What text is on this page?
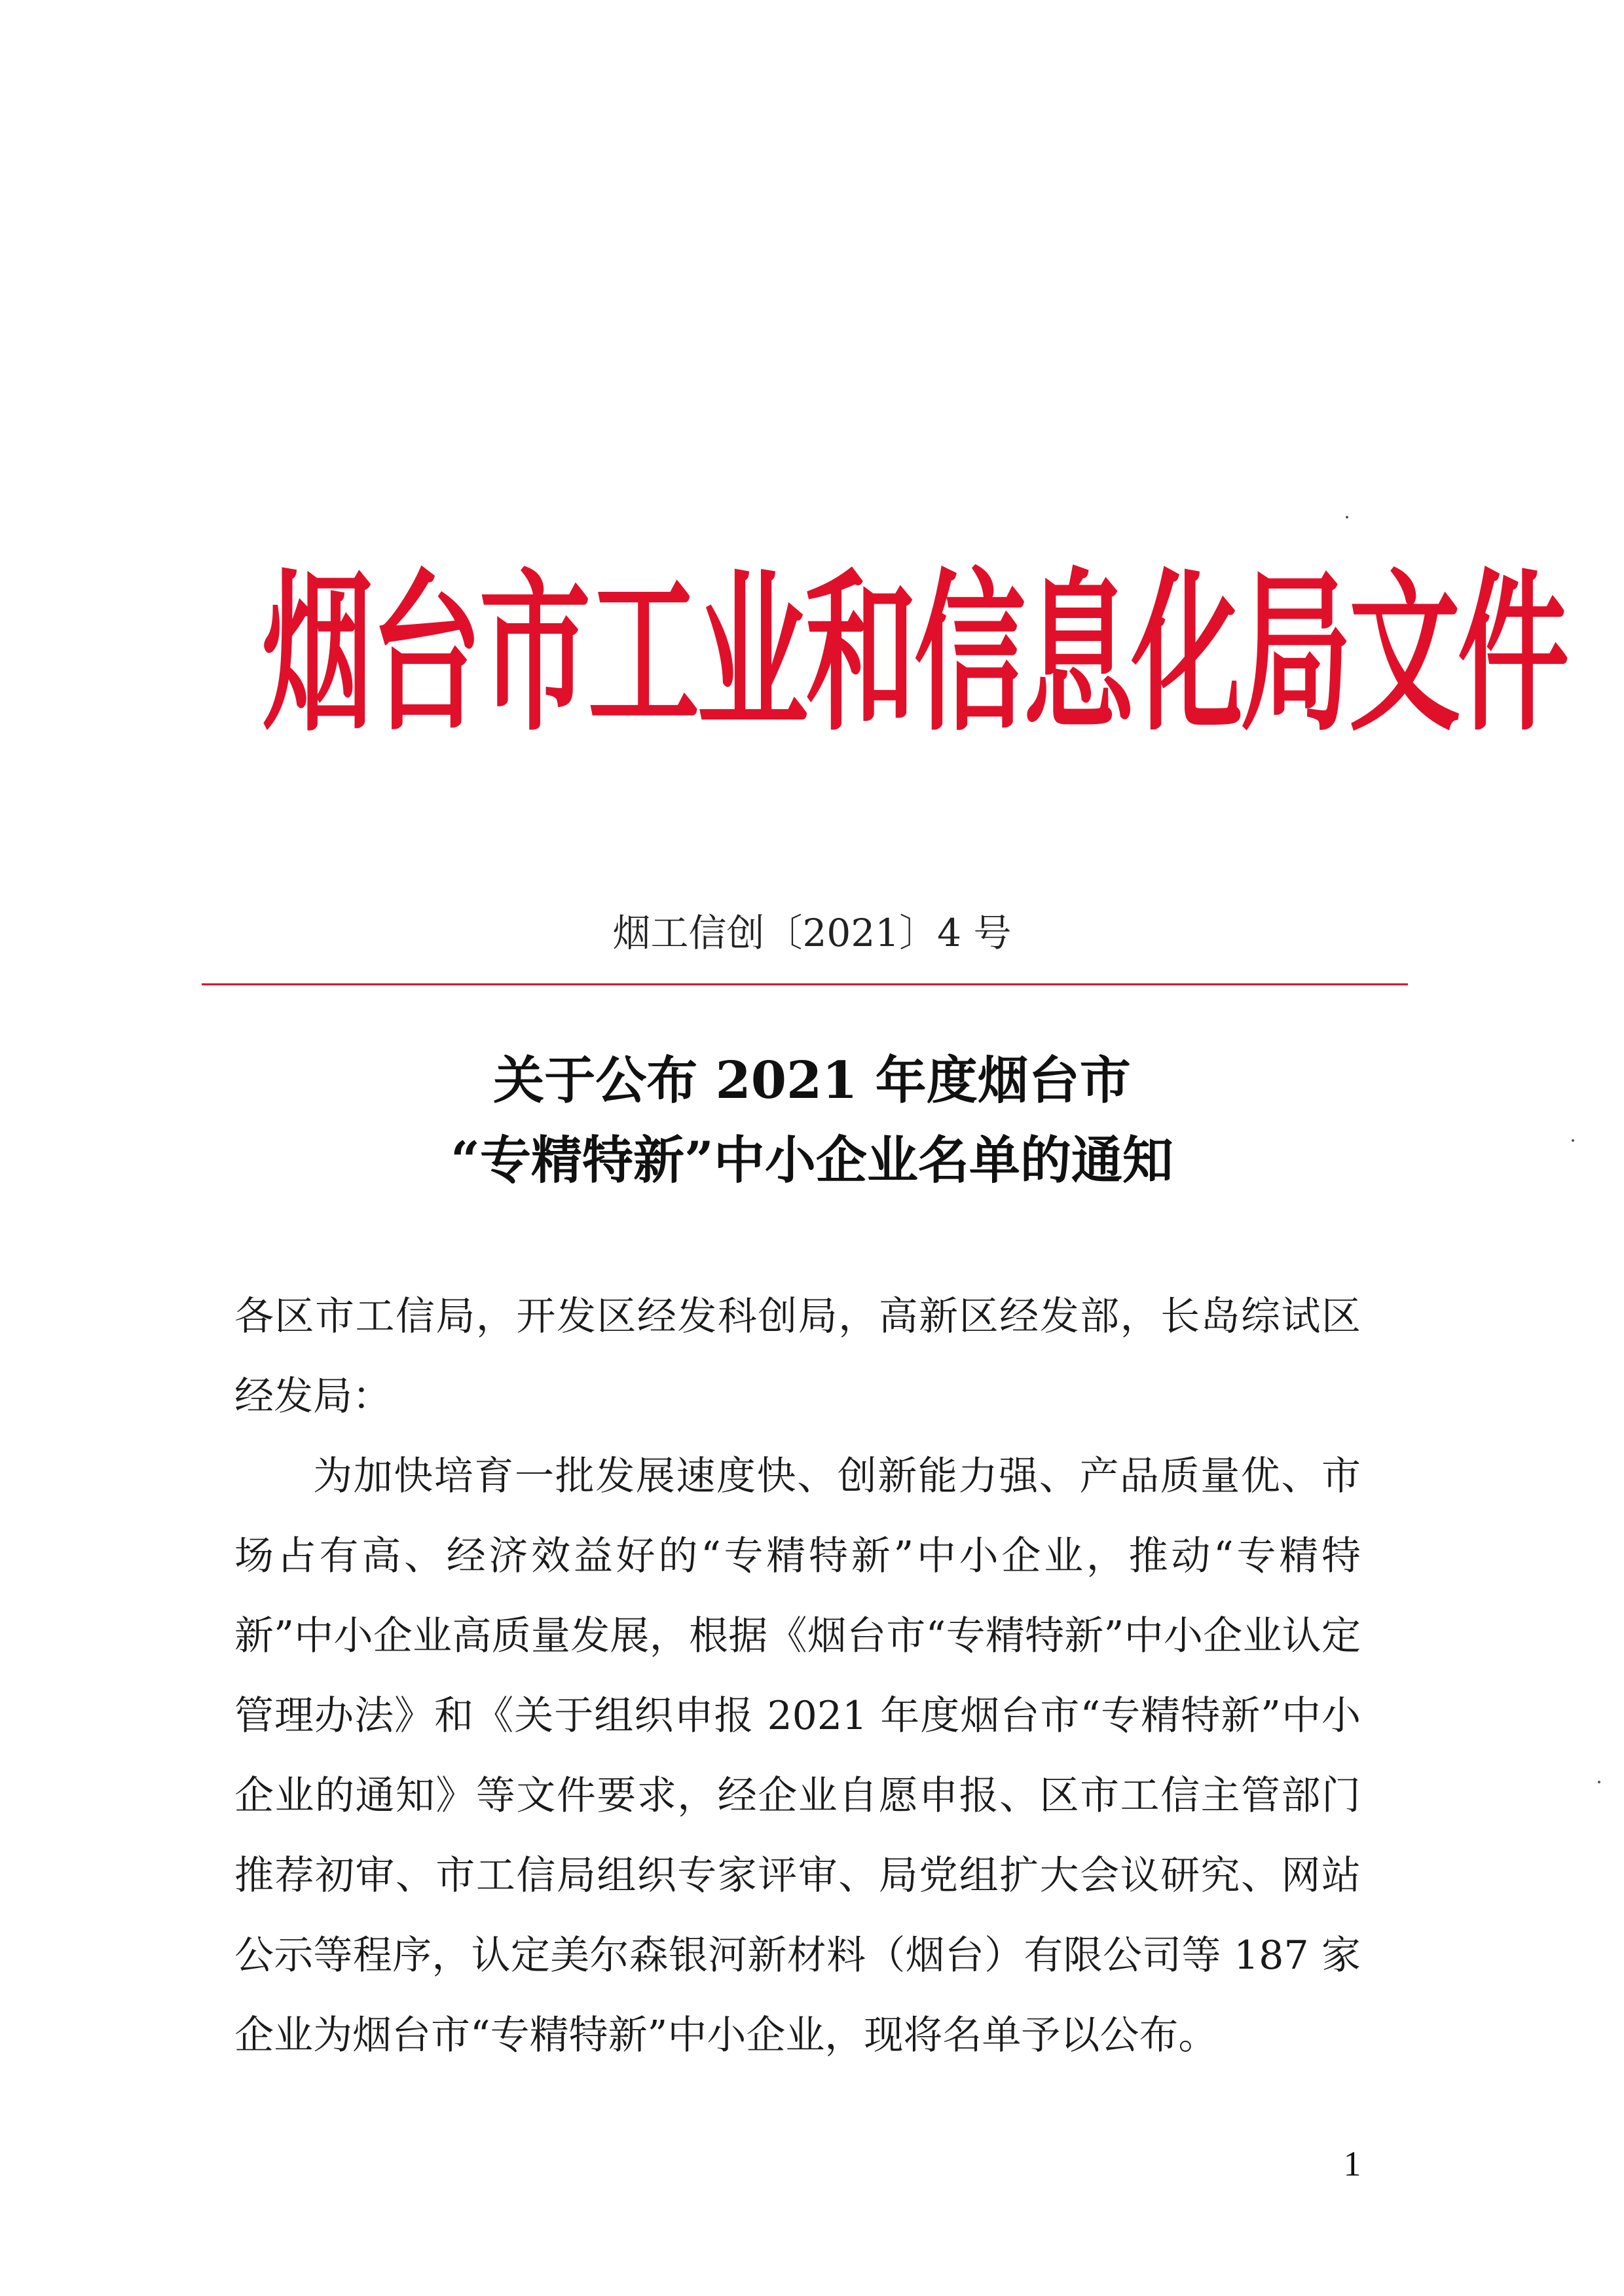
烟台市工业和信息化局文件
烟工信创〔2021〕4 号
关于公布 2021 年度烟台市
“专精特新”中小企业名单的通知

各区市工信局，开发区经发科创局，高新区经发部，长岛综试区经发局：

为加快培育一批发展速度快、创新能力强、产品质量优、市场占有高、经济效益好的“专精特新”中小企业，推动“专精特新”中小企业高质量发展，根据《烟台市“专精特新”中小企业认定管理办法》和《关于组织申报 2021 年度烟台市“专精特新”中小企业的通知》等文件要求，经企业自愿申报、区市工信主管部门推荐初审、市工信局组织专家评审、局党组扩大会议研究、网站公示等程序，认定美尔森银河新材料（烟台）有限公司等 187 家企业为烟台市“专精特新”中小企业，现将名单予以公布。

1
